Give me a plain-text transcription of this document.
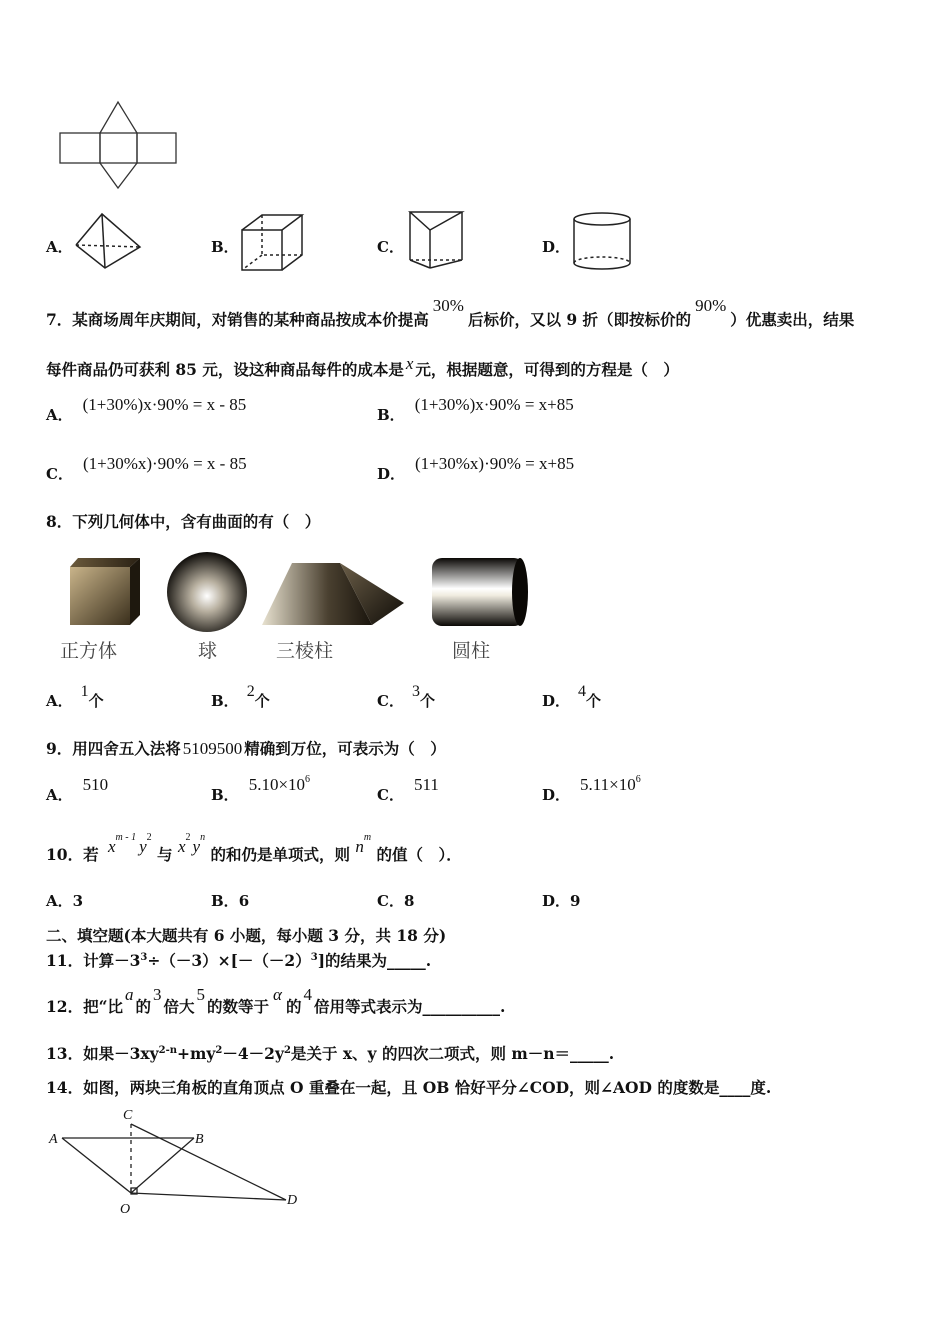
A．	B．	C．	D．
7．某商场周年庆期间，对销售的某种商品按成本价提高30%后标价，又以 9 折（即按标价的90%）优惠卖出，结果
每件商品仍可获利 85 元，设这种商品每件的成本是 x 元，根据题意，可得到的方程是（　）
A．(1+30%)x·90% = x - 85
B．(1+30%)x·90% = x+85
C．(1+30%x)·90% = x - 85
D．(1+30%x)·90% = x+85
8．下列几何体中，含有曲面的有（　）
正方体	球	三棱柱	圆柱
A．1个	B．2个	C．3个	D．4个
9．用四舍五入法将 5109500 精确到万位，可表示为（　）
A．510
B．$5.10\times 10^6$
C．511
D．$5.11\times 10^6$
10．若 $x^{m - 1}$ $y^2$ 与 $x^2$ $y^n$ 的和仍是单项式，则 $n^m$ 的值（　）．
A．3	B．6	C．8	D．9
二、填空题(本大题共有 6 小题，每小题 3 分，共 18 分)
11．计算$-3^3\div(-3)\times[-(-2)^3]$的结果为_____.
12．把“比a的3倍大5的数等于α的4倍用等式表示为__________.
13．如果$-3xy^{2-n}+my^2-4-2y^2$是关于 x、y 的四次二项式，则 m－n＝_____.
14．如图，两块三角板的直角顶点 O 重叠在一起，且 OB 恰好平分∠COD，则∠AOD 的度数是____度.
A
C
B
D
O
